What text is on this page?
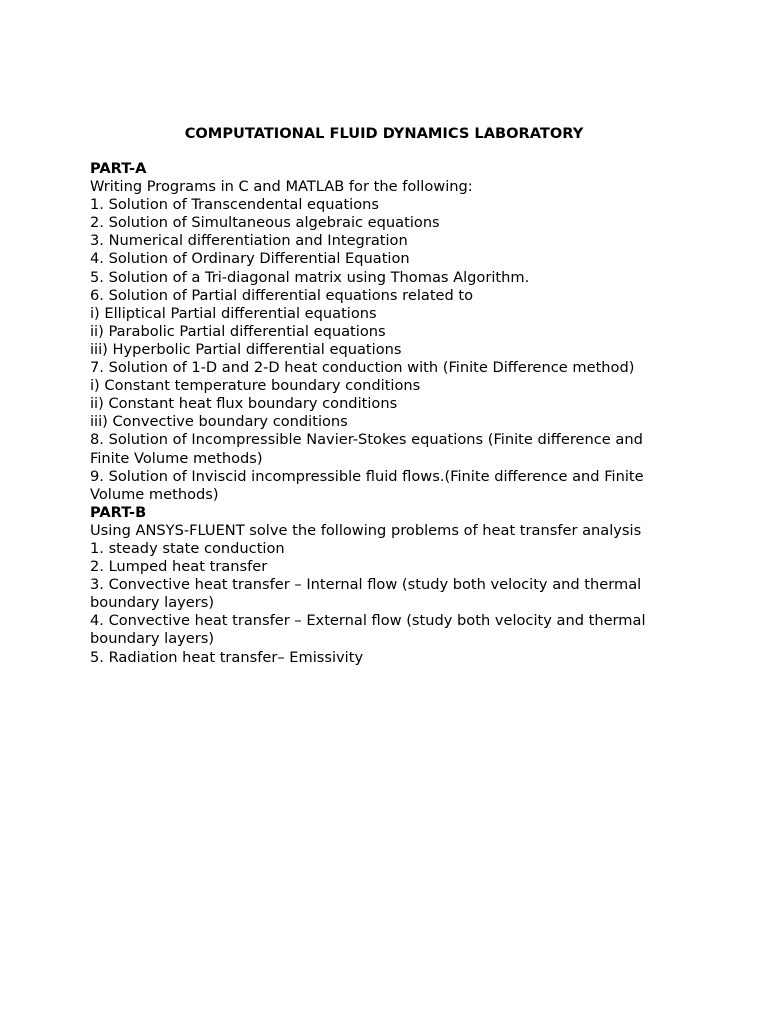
COMPUTATIONAL FLUID DYNAMICS LABORATORY

PART-A

Writing Programs in C and MATLAB for the following:

1. Solution of Transcendental equations

2. Solution of Simultaneous algebraic equations

3. Numerical differentiation and Integration

4. Solution of Ordinary Differential Equation

5. Solution of a Tri-diagonal matrix using Thomas Algorithm.

6. Solution of Partial differential equations related to

i) Elliptical Partial differential equations

ii) Parabolic Partial differential equations

iii) Hyperbolic Partial differential equations

7. Solution of 1-D and 2-D heat conduction with (Finite Difference method)

i) Constant temperature boundary conditions

ii) Constant heat flux boundary conditions

iii) Convective boundary conditions

8. Solution of Incompressible Navier-Stokes equations (Finite difference and Finite Volume methods)

9. Solution of Inviscid incompressible fluid flows.(Finite difference and Finite Volume methods)

PART-B

Using ANSYS-FLUENT solve the following problems of heat transfer analysis

1. steady state conduction

2. Lumped heat transfer

3. Convective heat transfer – Internal flow (study both velocity and thermal boundary layers)

4. Convective heat transfer – External flow (study both velocity and thermal boundary layers)

5. Radiation heat transfer– Emissivity
